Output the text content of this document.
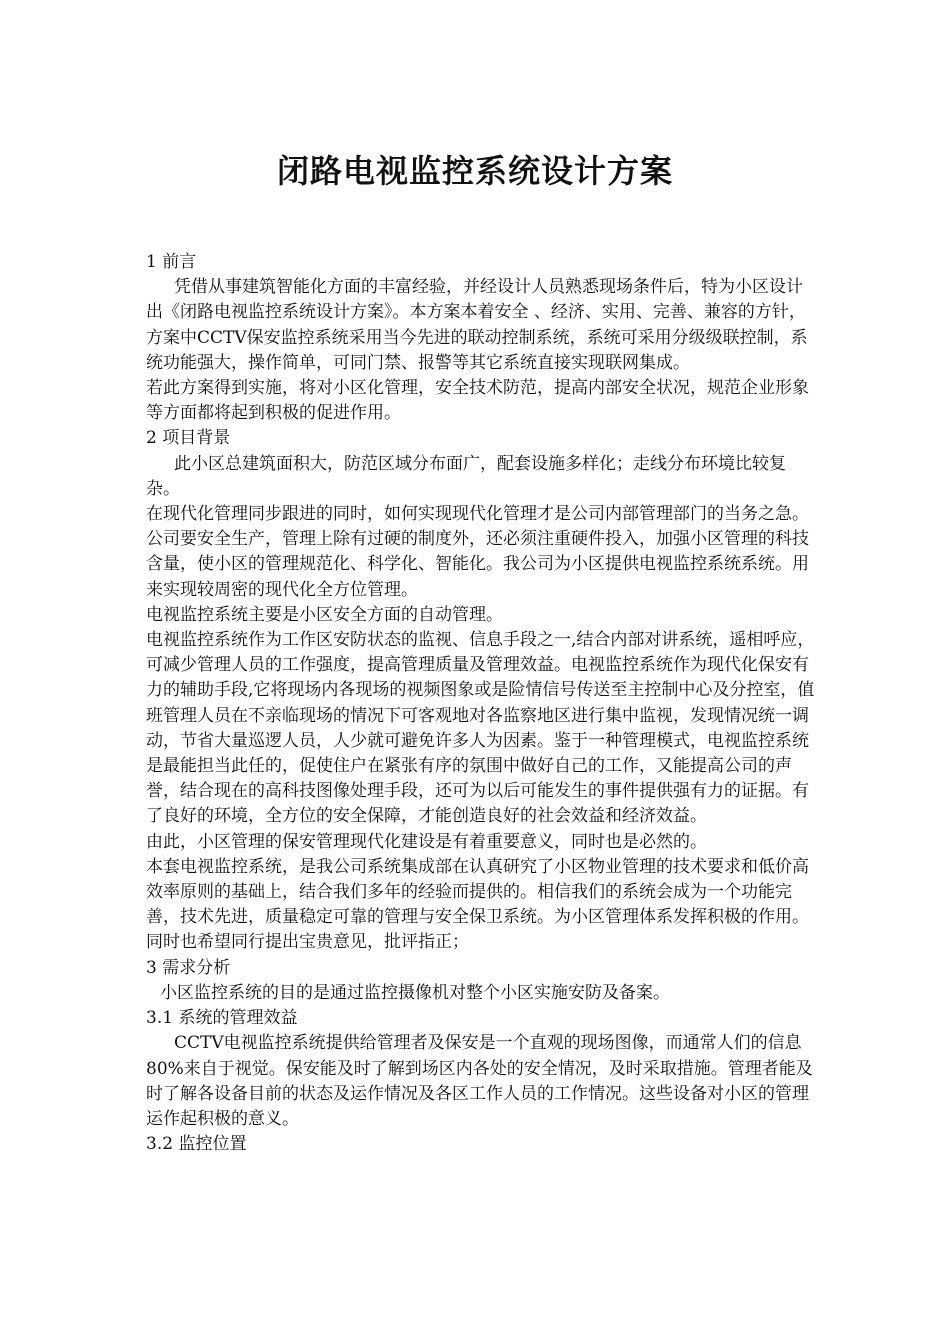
闭路电视监控系统设计方案

1 前言

凭借从事建筑智能化方面的丰富经验，并经设计人员熟悉现场条件后，特为小区设计出《闭路电视监控系统设计方案》。本方案本着安全 、经济、实用、完善、兼容的方针，方案中CCTV保安监控系统采用当今先进的联动控制系统，系统可采用分级级联控制，系统功能强大，操作简单，可同门禁、报警等其它系统直接实现联网集成。

若此方案得到实施，将对小区化管理，安全技术防范，提高内部安全状况，规范企业形象等方面都将起到积极的促进作用。

2 项目背景

此小区总建筑面积大，防范区域分布面广，配套设施多样化；走线分布环境比较复杂。

在现代化管理同步跟进的同时，如何实现现代化管理才是公司内部管理部门的当务之急。公司要安全生产，管理上除有过硬的制度外，还必须注重硬件投入，加强小区管理的科技含量，使小区的管理规范化、科学化、智能化。我公司为小区提供电视监控系统系统。用来实现较周密的现代化全方位管理。

电视监控系统主要是小区安全方面的自动管理。

电视监控系统作为工作区安防状态的监视、信息手段之一,结合内部对讲系统，遥相呼应，可减少管理人员的工作强度，提高管理质量及管理效益。电视监控系统作为现代化保安有力的辅助手段,它将现场内各现场的视频图象或是险情信号传送至主控制中心及分控室，值班管理人员在不亲临现场的情况下可客观地对各监察地区进行集中监视，发现情况统一调动，节省大量巡逻人员，人少就可避免许多人为因素。鉴于一种管理模式，电视监控系统是最能担当此任的，促使住户在紧张有序的氛围中做好自己的工作，又能提高公司的声誉，结合现在的高科技图像处理手段，还可为以后可能发生的事件提供强有力的证据。有了良好的环境，全方位的安全保障，才能创造良好的社会效益和经济效益。

由此，小区管理的保安管理现代化建设是有着重要意义，同时也是必然的。

本套电视监控系统，是我公司系统集成部在认真研究了小区物业管理的技术要求和低价高效率原则的基础上，结合我们多年的经验而提供的。相信我们的系统会成为一个功能完善，技术先进，质量稳定可靠的管理与安全保卫系统。为小区管理体系发挥积极的作用。同时也希望同行提出宝贵意见，批评指正；

3 需求分析

小区监控系统的目的是通过监控摄像机对整个小区实施安防及备案。

3.1 系统的管理效益

CCTV电视监控系统提供给管理者及保安是一个直观的现场图像，而通常人们的信息80%来自于视觉。保安能及时了解到场区内各处的安全情况，及时采取措施。管理者能及时了解各设备目前的状态及运作情况及各区工作人员的工作情况。这些设备对小区的管理运作起积极的意义。

3.2 监控位置
